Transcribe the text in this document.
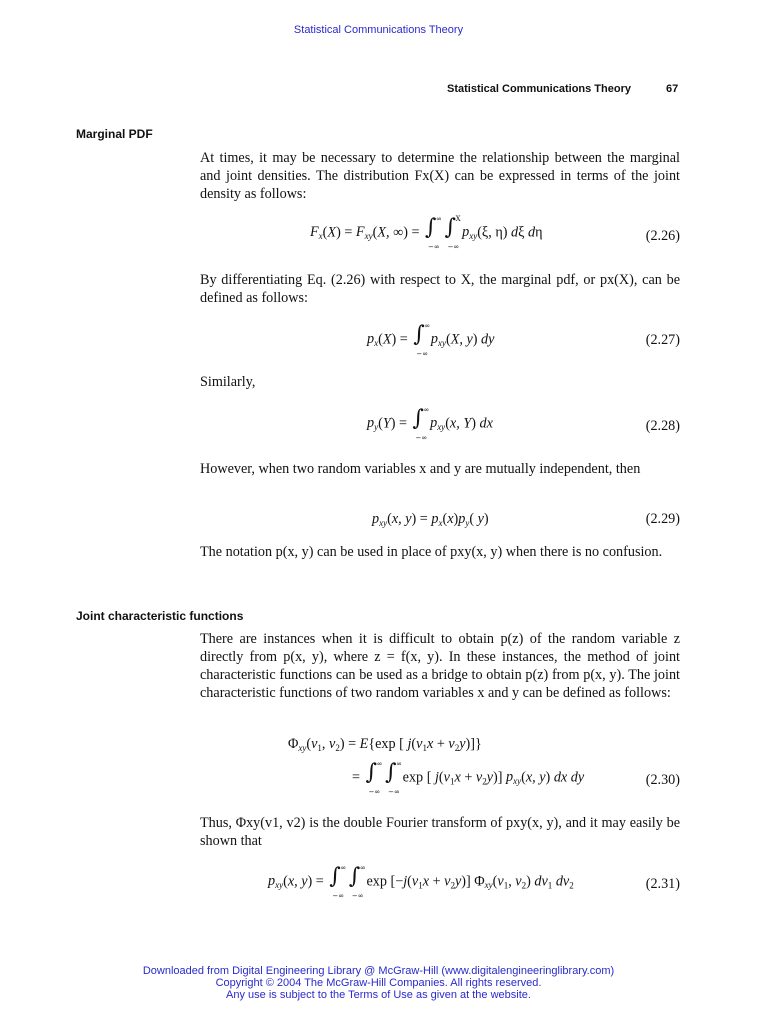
Statistical Communications Theory
Statistical Communications Theory	67
Marginal PDF
At times, it may be necessary to determine the relationship between the marginal and joint densities. The distribution Fx(X) can be expressed in terms of the joint density as follows:
$F_x(X) = F_{xy}(X$, ∞) = ∫ ∞
−∞

∫ X
−∞
$p_{xy}(\xi$, η) dξ dη	(2.26)
By differentiating Eq. (2.26) with respect to X, the marginal pdf, or px(X), can be defined as follows:
$p_x(X)$ = ∫ ∞
−∞
$p_{xy}(X$, y) dy	(2.27)
Similarly,
$p_y(Y)$ = ∫ ∞
−∞
$p_{xy}(x$, Y) dx	(2.28)
However, when two random variables x and y are mutually independent, then
$p_{xy}(x$, $y) = p_x(x)p_y$( y)	(2.29)
The notation p(x, y) can be used in place of pxy(x, y) when there is no confusion.
Joint characteristic functions
There are instances when it is difficult to obtain p(z) of the random variable z directly from p(x, y), where z = f(x, y). In these instances, the method of joint characteristic functions can be used as a bridge to obtain p(z) from p(x, y). The joint characteristic functions of two random variables x and y can be defined as follows:
$\Phi_{xy}(v_1$, $v_2) = E\{\exp$ [ $j(v_1x + v_2y)$]}
= ∫ ∞
−∞

∫ ∞
−∞
exp [ $j(v_1x + v_2y)$] $p_{xy}(x$, y) dx dy	(2.30)
Thus, Φxy(v1, v2) is the double Fourier transform of pxy(x, y), and it may easily be shown that
$p_{xy}(x$, y) = ∫ ∞
−∞

∫ ∞
−∞
$\exp [-j(v_1x + v_2y)]$ $\Phi_{xy}(v_1$, $v_2$) $dv_1$ $dv_2$	(2.31)
Downloaded from Digital Engineering Library @ McGraw-Hill (www.digitalengineeringlibrary.com)
Copyright © 2004 The McGraw-Hill Companies. All rights reserved.
Any use is subject to the Terms of Use as given at the website.
